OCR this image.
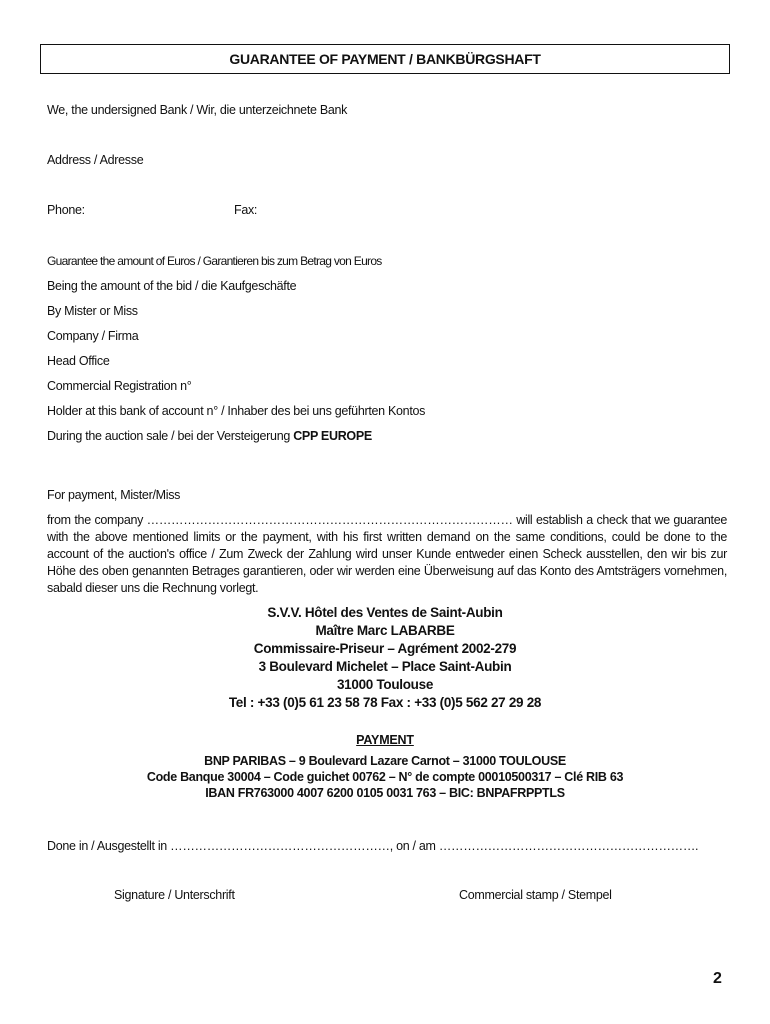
GUARANTEE OF PAYMENT / BANKBÜRGSHAFT
We, the undersigned Bank / Wir, die unterzeichnete Bank
Address / Adresse
Phone:	Fax:
Guarantee the amount of Euros / Garantieren bis zum Betrag von Euros
Being the amount of the bid / die Kaufgeschäfte
By Mister or Miss
Company / Firma
Head Office
Commercial Registration n°
Holder at this bank of account n° / Inhaber des bei uns geführten Kontos
During the auction sale / bei der Versteigerung CPP EUROPE
For payment, Mister/Miss
from the company ……………………………………………………………………………… will establish a check that we guarantee with the above mentioned limits or the payment, with his first written demand on the same conditions, could be done to the account of the auction's office / Zum Zweck der Zahlung wird unser Kunde entweder einen Scheck ausstellen, den wir bis zur Höhe des oben genannten Betrages garantieren, oder wir werden eine Überweisung auf das Konto des Amtsträgers vornehmen, sabald dieser uns die Rechnung vorlegt.

S.V.V. Hôtel des Ventes de Saint-Aubin

Maître Marc LABARBE

Commissaire-Priseur – Agrément 2002-279

3 Boulevard Michelet – Place Saint-Aubin

31000 Toulouse

Tel : +33 (0)5 61 23 58 78 Fax : +33 (0)5 562 27 29 28

PAYMENT

BNP PARIBAS – 9 Boulevard Lazare Carnot – 31000 TOULOUSE

Code Banque 30004 – Code guichet 00762 – N° de compte 00010500317 – Clé RIB 63

IBAN FR763000 4007 6200 0105 0031 763 – BIC: BNPAFRPPTLS

Done in / Ausgestellt in ………………………………………………, on / am ……………………………………………………….
Signature / Unterschrift	Commercial stamp / Stempel
2
